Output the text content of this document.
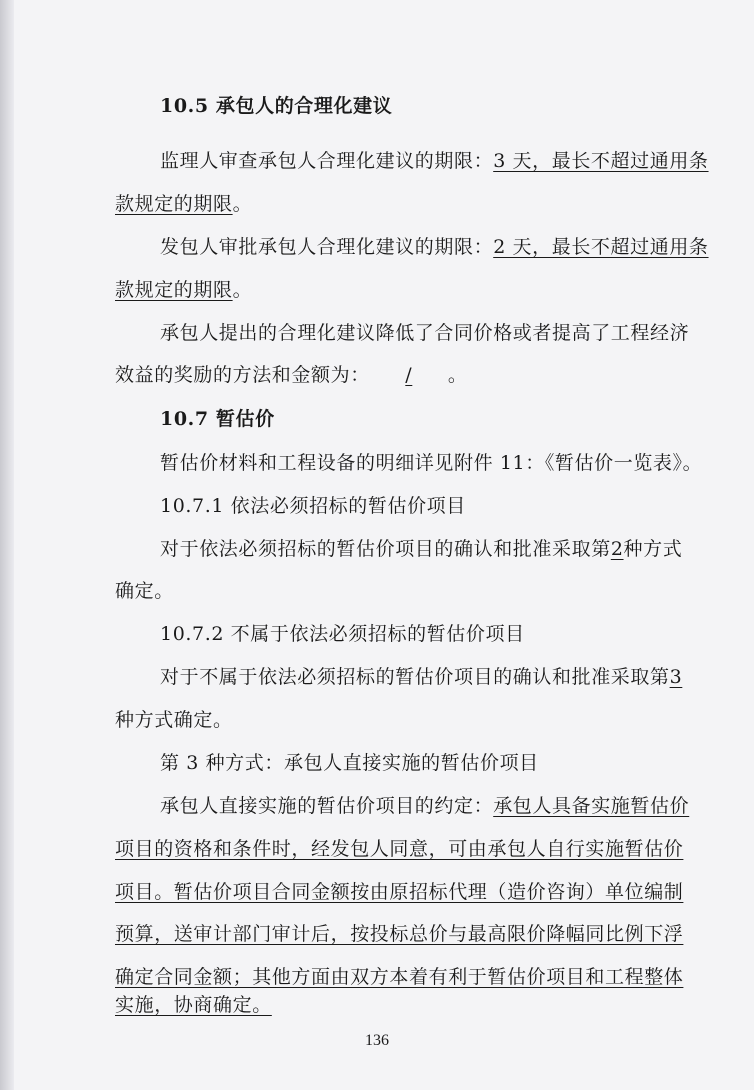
10.5 承包人的合理化建议
监理人审查承包人合理化建议的期限：3 天，最长不超过通用条
款规定的期限。
发包人审批承包人合理化建议的期限：2 天，最长不超过通用条
款规定的期限。
承包人提出的合理化建议降低了合同价格或者提高了工程经济
效益的奖励的方法和金额为： / 。
10.7 暂估价
暂估价材料和工程设备的明细详见附件 11：《暂估价一览表》。
10.7.1 依法必须招标的暂估价项目
对于依法必须招标的暂估价项目的确认和批准采取第2种方式
确定。
10.7.2 不属于依法必须招标的暂估价项目
对于不属于依法必须招标的暂估价项目的确认和批准采取第3
种方式确定。
第 3 种方式：承包人直接实施的暂估价项目
承包人直接实施的暂估价项目的约定：承包人具备实施暂估价
项目的资格和条件时，经发包人同意，可由承包人自行实施暂估价
项目。暂估价项目合同金额按由原招标代理（造价咨询）单位编制
预算，送审计部门审计后，按投标总价与最高限价降幅同比例下浮
确定合同金额；其他方面由双方本着有利于暂估价项目和工程整体
实施，协商确定。
136
